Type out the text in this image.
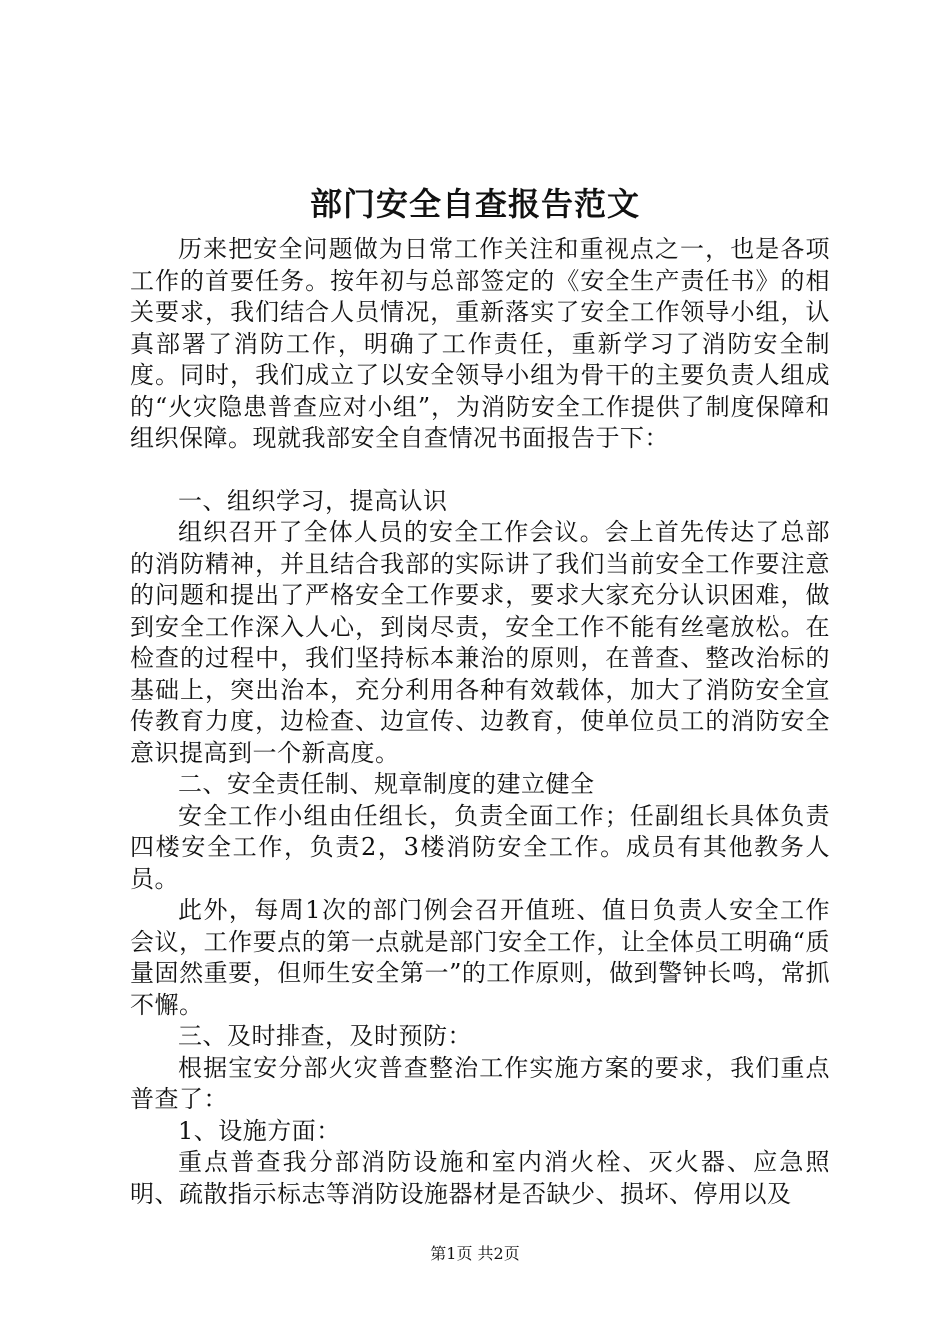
部门安全自查报告范文

历来把安全问题做为日常工作关注和重视点之一，也是各项工作的首要任务。按年初与总部签定的《安全生产责任书》的相关要求，我们结合人员情况，重新落实了安全工作领导小组，认真部署了消防工作，明确了工作责任，重新学习了消防安全制度。同时，我们成立了以安全领导小组为骨干的主要负责人组成的“火灾隐患普查应对小组”，为消防安全工作提供了制度保障和组织保障。现就我部安全自查情况书面报告于下：

一、组织学习，提高认识

组织召开了全体人员的安全工作会议。会上首先传达了总部的消防精神，并且结合我部的实际讲了我们当前安全工作要注意的问题和提出了严格安全工作要求，要求大家充分认识困难，做到安全工作深入人心，到岗尽责，安全工作不能有丝毫放松。在检查的过程中，我们坚持标本兼治的原则，在普查、整改治标的基础上，突出治本，充分利用各种有效载体，加大了消防安全宣传教育力度，边检查、边宣传、边教育，使单位员工的消防安全意识提高到一个新高度。

二、安全责任制、规章制度的建立健全

安全工作小组由任组长，负责全面工作；任副组长具体负责四楼安全工作，负责2，3楼消防安全工作。成员有其他教务人员。

此外，每周1次的部门例会召开值班、值日负责人安全工作会议，工作要点的第一点就是部门安全工作，让全体员工明确“质量固然重要，但师生安全第一”的工作原则，做到警钟长鸣，常抓不懈。

三、及时排查，及时预防：

根据宝安分部火灾普查整治工作实施方案的要求，我们重点普查了：

1、设施方面：

重点普查我分部消防设施和室内消火栓、灭火器、应急照明、疏散指示标志等消防设施器材是否缺少、损坏、停用以及

第1页 共2页
